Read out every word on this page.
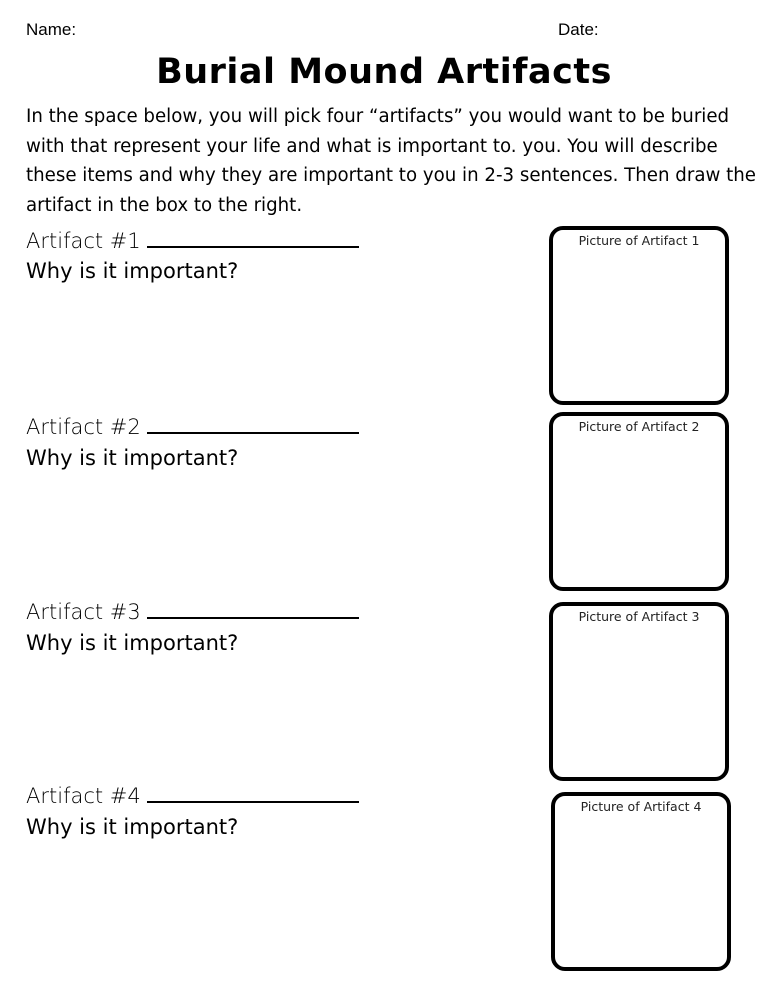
Name:	Date:
Burial Mound Artifacts

In the space below, you will pick four “artifacts” you would want to be buried with that represent your life and what is important to. you. You will describe these items and why they are important to you in 2-3 sentences. Then draw the artifact in the box to the right.

Artifact #1
Why is it important?
Picture of Artifact 1
Artifact #2
Why is it important?
Picture of Artifact 2
Artifact #3
Why is it important?
Picture of Artifact 3
Artifact #4
Why is it important?
Picture of Artifact 4
